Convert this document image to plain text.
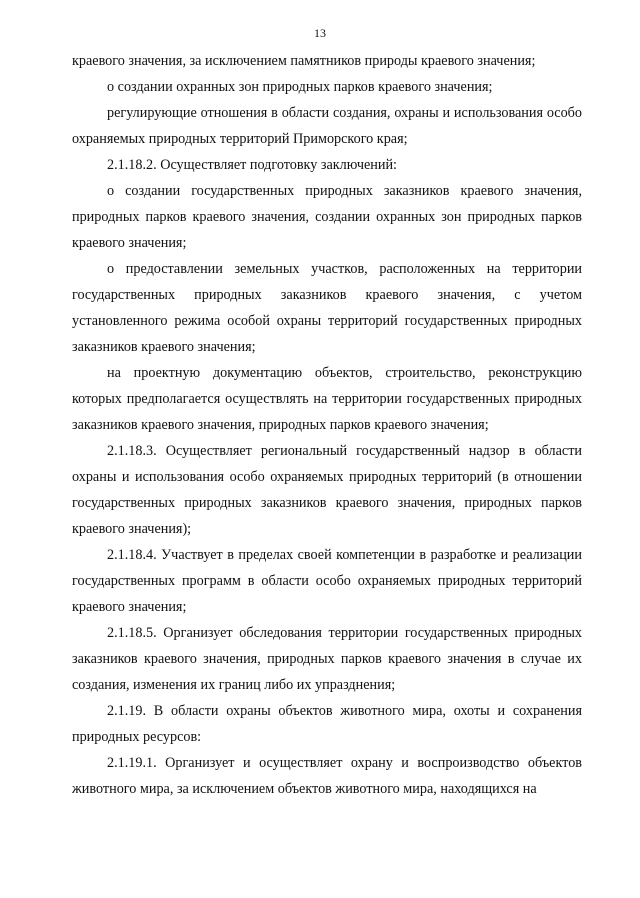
13

краевого значения, за исключением памятников природы краевого значения;

о создании охранных зон природных парков краевого значения;

регулирующие отношения в области создания, охраны и использования особо охраняемых природных территорий Приморского края;

2.1.18.2. Осуществляет подготовку заключений:

о создании государственных природных заказников краевого значения, природных парков краевого значения, создании охранных зон природных парков краевого значения;

о предоставлении земельных участков, расположенных на территории государственных природных заказников краевого значения, с учетом установленного режима особой охраны территорий государственных природных заказников краевого значения;

на проектную документацию объектов, строительство, реконструкцию которых предполагается осуществлять на территории государственных природных заказников краевого значения, природных парков краевого значения;

2.1.18.3. Осуществляет региональный государственный надзор в области охраны и использования особо охраняемых природных территорий (в отношении государственных природных заказников краевого значения, природных парков краевого значения);

2.1.18.4. Участвует в пределах своей компетенции в разработке и реализации государственных программ в области особо охраняемых природных территорий краевого значения;

2.1.18.5. Организует обследования территории государственных природных заказников краевого значения, природных парков краевого значения в случае их создания, изменения их границ либо их упразднения;

2.1.19. В области охраны объектов животного мира, охоты и сохранения природных ресурсов:

2.1.19.1. Организует и осуществляет охрану и воспроизводство объектов животного мира, за исключением объектов животного мира, находящихся на
